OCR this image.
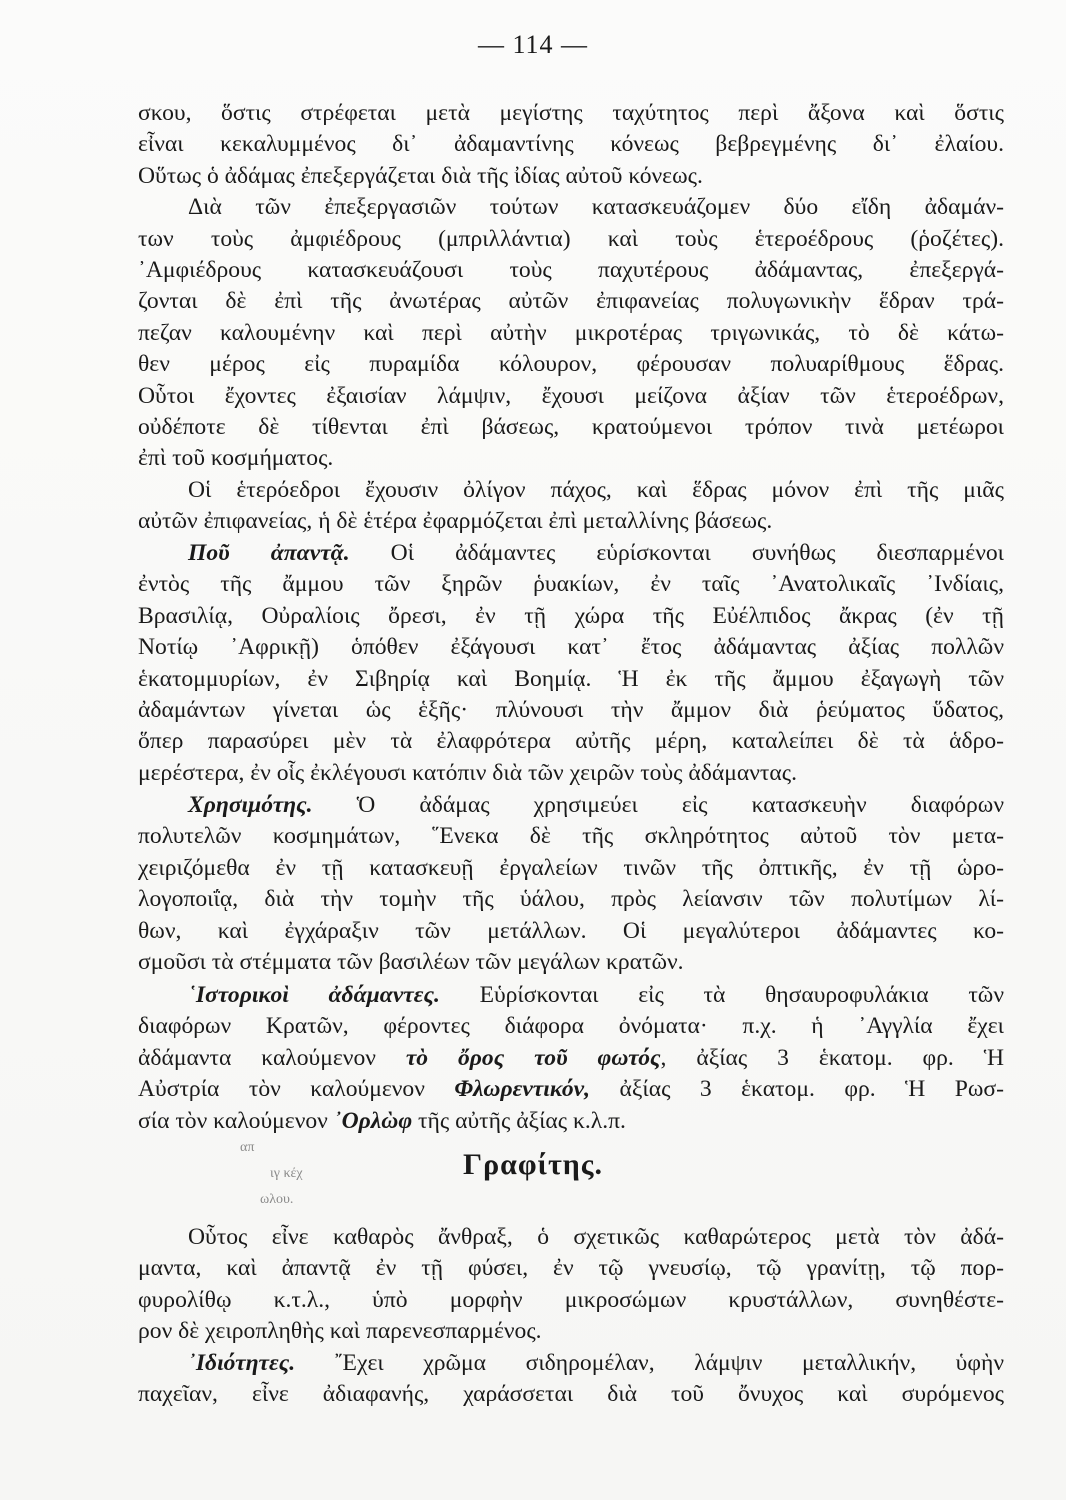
— 114 —
σκου, ὅστις στρέφεται μετὰ μεγίστης ταχύτητος περὶ ἄξονα καὶ ὅστις
εἶναι κεκαλυμμένος δι᾽ ἀδαμαντίνης κόνεως βεβρεγμένης δι᾽ ἐλαίου.
Οὕτως ὁ ἀδάμας ἐπεξεργάζεται διὰ τῆς ἰδίας αὐτοῦ κόνεως.
Διὰ τῶν ἐπεξεργασιῶν τούτων κατασκευάζομεν δύο εἴδη ἀδαμάν-
των τοὺς ἀμφιέδρους (μπριλλάντια) καὶ τοὺς ἑτεροέδρους (ῥοζέτες).
᾿Αμφιέδρους κατασκευάζουσι τοὺς παχυτέρους ἀδάμαντας, ἐπεξεργά-
ζονται δὲ ἐπὶ τῆς ἀνωτέρας αὐτῶν ἐπιφανείας πολυγωνικὴν ἕδραν τρά-
πεζαν καλουμένην καὶ περὶ αὐτὴν μικροτέρας τριγωνικάς, τὸ δὲ κάτω-
θεν μέρος εἰς πυραμίδα κόλουρον, φέρουσαν πολυαρίθμους ἕδρας.
Οὗτοι ἔχοντες ἐξαισίαν λάμψιν, ἔχουσι μείζονα ἀξίαν τῶν ἑτεροέδρων,
οὐδέποτε δὲ τίθενται ἐπὶ βάσεως, κρατούμενοι τρόπον τινὰ μετέωροι
ἐπὶ τοῦ κοσμήματος.
Οἱ ἑτερόεδροι ἔχουσιν ὀλίγον πάχος, καὶ ἕδρας μόνον ἐπὶ τῆς μιᾶς
αὐτῶν ἐπιφανείας, ἡ δὲ ἑτέρα ἐφαρμόζεται ἐπὶ μεταλλίνης βάσεως.
Ποῦ ἀπαντᾷ. Οἱ ἀδάμαντες εὑρίσκονται συνήθως διεσπαρμένοι
ἐντὸς τῆς ἄμμου τῶν ξηρῶν ῥυακίων, ἐν ταῖς ᾿Ανατολικαῖς ᾿Ινδίαις,
Βρασιλίᾳ, Οὐραλίοις ὄρεσι, ἐν τῇ χώρα τῆς Εὐέλπιδος ἄκρας (ἐν τῇ
Νοτίῳ ᾿Αφρικῇ) ὁπόθεν ἐξάγουσι κατ᾽ ἔτος ἀδάμαντας ἀξίας πολλῶν
ἑκατομμυρίων, ἐν Σιβηρίᾳ καὶ Βοημίᾳ. Ἡ ἐκ τῆς ἄμμου ἐξαγωγὴ τῶν
ἀδαμάντων γίνεται ὡς ἑξῆς· πλύνουσι τὴν ἄμμον διὰ ῥεύματος ὕδατος,
ὅπερ παρασύρει μὲν τὰ ἐλαφρότερα αὐτῆς μέρη, καταλείπει δὲ τὰ ἁδρο-
μερέστερα, ἐν οἷς ἐκλέγουσι κατόπιν διὰ τῶν χειρῶν τοὺς ἀδάμαντας.
Χρησιμότης. Ὁ ἀδάμας χρησιμεύει εἰς κατασκευὴν διαφόρων
πολυτελῶν κοσμημάτων, ῞Ενεκα δὲ τῆς σκληρότητος αὐτοῦ τὸν μετα-
χειριζόμεθα ἐν τῇ κατασκευῇ ἐργαλείων τινῶν τῆς ὀπτικῆς, ἐν τῇ ὡρο-
λογοποιΐᾳ, διὰ τὴν τομὴν τῆς ὑάλου, πρὸς λείανσιν τῶν πολυτίμων λί-
θων, καὶ ἐγχάραξιν τῶν μετάλλων. Οἱ μεγαλύτεροι ἀδάμαντες κο-
σμοῦσι τὰ στέμματα τῶν βασιλέων τῶν μεγάλων κρατῶν.
῾Ιστορικοὶ ἀδάμαντες. Εὑρίσκονται εἰς τὰ θησαυροφυλάκια τῶν
διαφόρων Κρατῶν, φέροντες διάφορα ὀνόματα· π.χ. ἡ ᾿Αγγλία ἔχει
ἀδάμαντα καλούμενον τὸ ὄρος τοῦ φωτός, ἀξίας 3 ἑκατομ. φρ. Ἡ
Αὐστρία τὸν καλούμενον Φλωρεντικόν, ἀξίας 3 ἑκατομ. φρ. Ἡ Ρωσ-
σία τὸν καλούμενον ᾿Ορλὼφ τῆς αὐτῆς ἀξίας κ.λ.π.
απ
ιγ κέχ
ωλου.
Γραφίτης.
Οὗτος εἶνε καθαρὸς ἄνθραξ, ὁ σχετικῶς καθαρώτερος μετὰ τὸν ἀδά-
μαντα, καὶ ἀπαντᾷ ἐν τῇ φύσει, ἐν τῷ γνευσίῳ, τῷ γρανίτῃ, τῷ πορ-
φυρολίθῳ κ.τ.λ., ὑπὸ μορφὴν μικροσώμων κρυστάλλων, συνηθέστε-
ρον δὲ χειροπληθὴς καὶ παρενεσπαρμένος.
᾿Ιδιότητες. ῎Εχει χρῶμα σιδηρομέλαν, λάμψιν μεταλλικήν, ὑφὴν
παχεῖαν, εἶνε ἀδιαφανής, χαράσσεται διὰ τοῦ ὄνυχος καὶ συρόμενος
